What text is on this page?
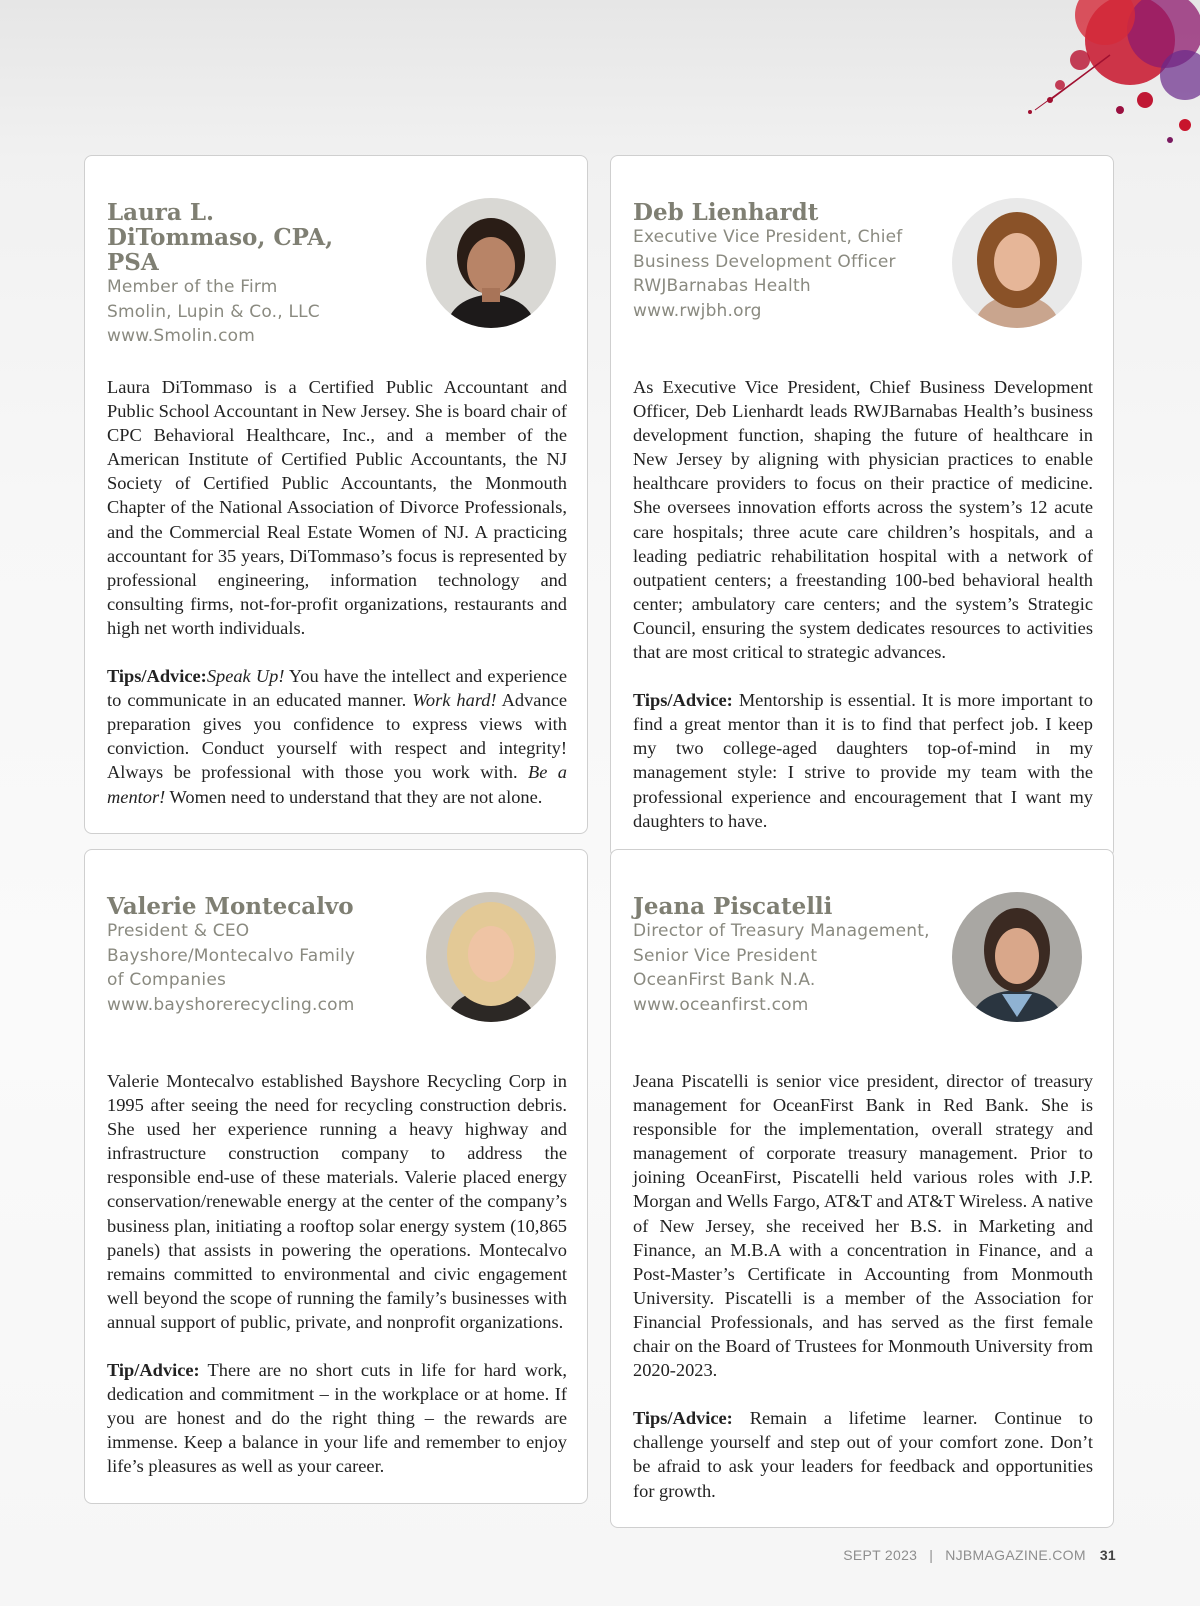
Laura L. DiTommaso, CPA, PSA
Member of the Firm
Smolin, Lupin & Co., LLC
www.Smolin.com

Laura DiTommaso is a Certified Public Accountant and Public School Accountant in New Jersey. She is board chair of CPC Behavioral Healthcare, Inc., and a member of the American Institute of Certified Public Accountants, the NJ Society of Certified Public Accountants, the Monmouth Chapter of the National Association of Divorce Professionals, and the Commercial Real Estate Women of NJ. A practicing accountant for 35 years, DiTommaso’s focus is represented by professional engineering, information technology and consulting firms, not-for-profit organizations, restaurants and high net worth individuals.

Tips/Advice:Speak Up! You have the intellect and experience to communicate in an educated manner. Work hard! Advance preparation gives you confidence to express views with conviction. Conduct yourself with respect and integrity! Always be professional with those you work with. Be a mentor! Women need to understand that they are not alone.

Deb Lienhardt
Executive Vice President, Chief
Business Development Officer
RWJBarnabas Health
www.rwjbh.org

As Executive Vice President, Chief Business Development Officer, Deb Lienhardt leads RWJBarnabas Health’s business development function, shaping the future of healthcare in New Jersey by aligning with physician practices to enable healthcare providers to focus on their practice of medicine. She oversees innovation efforts across the system’s 12 acute care hospitals; three acute care children’s hospitals, and a leading pediatric rehabilitation hospital with a network of outpatient centers; a freestanding 100-bed behavioral health center; ambulatory care centers; and the system’s Strategic Council, ensuring the system dedicates resources to activities that are most critical to strategic advances.

Tips/Advice: Mentorship is essential. It is more important to find a great mentor than it is to find that perfect job. I keep my two college-aged daughters top-of-mind in my management style: I strive to provide my team with the professional experience and encouragement that I want my daughters to have.

Valerie Montecalvo
President & CEO
Bayshore/Montecalvo Family
of Companies
www.bayshorerecycling.com

Valerie Montecalvo established Bayshore Recycling Corp in 1995 after seeing the need for recycling construction debris. She used her experience running a heavy highway and infrastructure construction company to address the responsible end-use of these materials. Valerie placed energy conservation/renewable energy at the center of the company’s business plan, initiating a rooftop solar energy system (10,865 panels) that assists in powering the operations. Montecalvo remains committed to environmental and civic engagement well beyond the scope of running the family’s businesses with annual support of public, private, and nonprofit organizations.

Tip/Advice: There are no short cuts in life for hard work, dedication and commitment – in the workplace or at home. If you are honest and do the right thing – the rewards are immense. Keep a balance in your life and remember to enjoy life’s pleasures as well as your career.

Jeana Piscatelli
Director of Treasury Management,
Senior Vice President
OceanFirst Bank N.A.
www.oceanfirst.com

Jeana Piscatelli is senior vice president, director of treasury management for OceanFirst Bank in Red Bank. She is responsible for the implementation, overall strategy and management of corporate treasury management. Prior to joining OceanFirst, Piscatelli held various roles with J.P. Morgan and Wells Fargo, AT&T and AT&T Wireless. A native of New Jersey, she received her B.S. in Marketing and Finance, an M.B.A with a concentration in Finance, and a Post-Master’s Certificate in Accounting from Monmouth University. Piscatelli is a member of the Association for Financial Professionals, and has served as the first female chair on the Board of Trustees for Monmouth University from 2020-2023.

Tips/Advice: Remain a lifetime learner. Continue to challenge yourself and step out of your comfort zone. Don’t be afraid to ask your leaders for feedback and opportunities for growth.

SEPT 2023 | NJBMAGAZINE.COM 31
